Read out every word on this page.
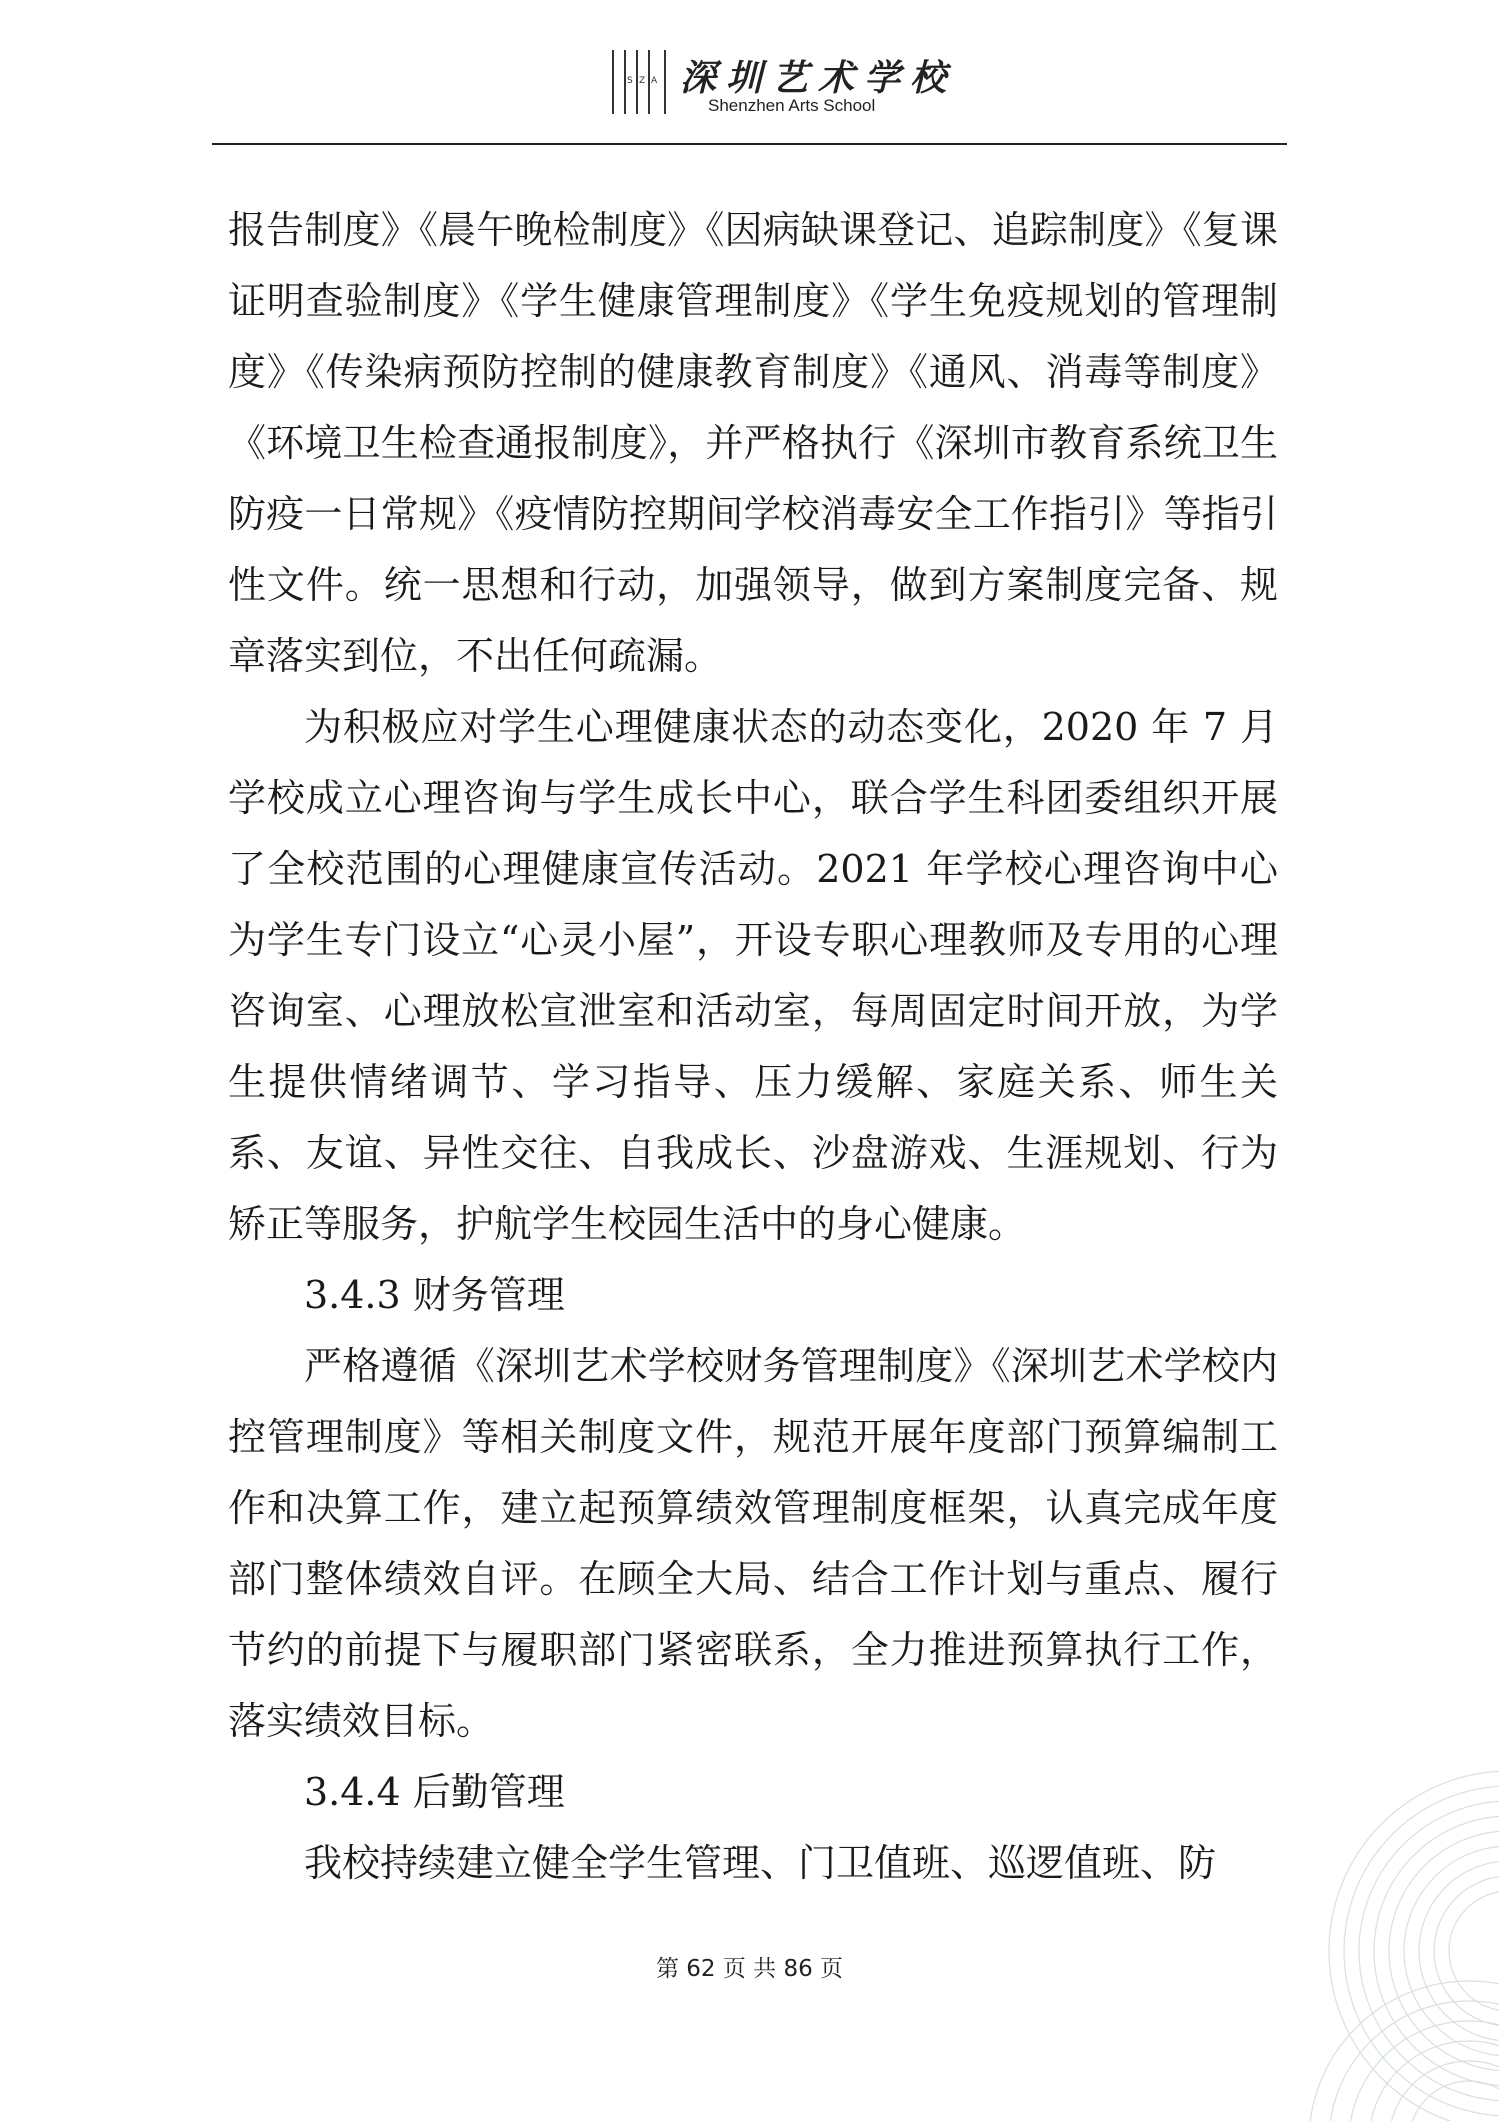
S Z A 深圳艺术学校
Shenzhen Arts School

报告制度》《晨午晚检制度》《因病缺课登记、追踪制度》《复课证明查验制度》《学生健康管理制度》《学生免疫规划的管理制度》《传染病预防控制的健康教育制度》《通风、消毒等制度》《环境卫生检查通报制度》，并严格执行《深圳市教育系统卫生防疫一日常规》《疫情防控期间学校消毒安全工作指引》等指引性文件。统一思想和行动，加强领导，做到方案制度完备、规章落实到位，不出任何疏漏。

为积极应对学生心理健康状态的动态变化，2020 年 7 月学校成立心理咨询与学生成长中心，联合学生科团委组织开展了全校范围的心理健康宣传活动。2021 年学校心理咨询中心为学生专门设立“心灵小屋”，开设专职心理教师及专用的心理咨询室、心理放松宣泄室和活动室，每周固定时间开放，为学生提供情绪调节、学习指导、压力缓解、家庭关系、师生关系、友谊、异性交往、自我成长、沙盘游戏、生涯规划、行为矫正等服务，护航学生校园生活中的身心健康。

3.4.3 财务管理

严格遵循《深圳艺术学校财务管理制度》《深圳艺术学校内控管理制度》等相关制度文件，规范开展年度部门预算编制工作和决算工作，建立起预算绩效管理制度框架，认真完成年度部门整体绩效自评。在顾全大局、结合工作计划与重点、履行节约的前提下与履职部门紧密联系，全力推进预算执行工作，落实绩效目标。

3.4.4 后勤管理

我校持续建立健全学生管理、门卫值班、巡逻值班、防

第 62 页 共 86 页
